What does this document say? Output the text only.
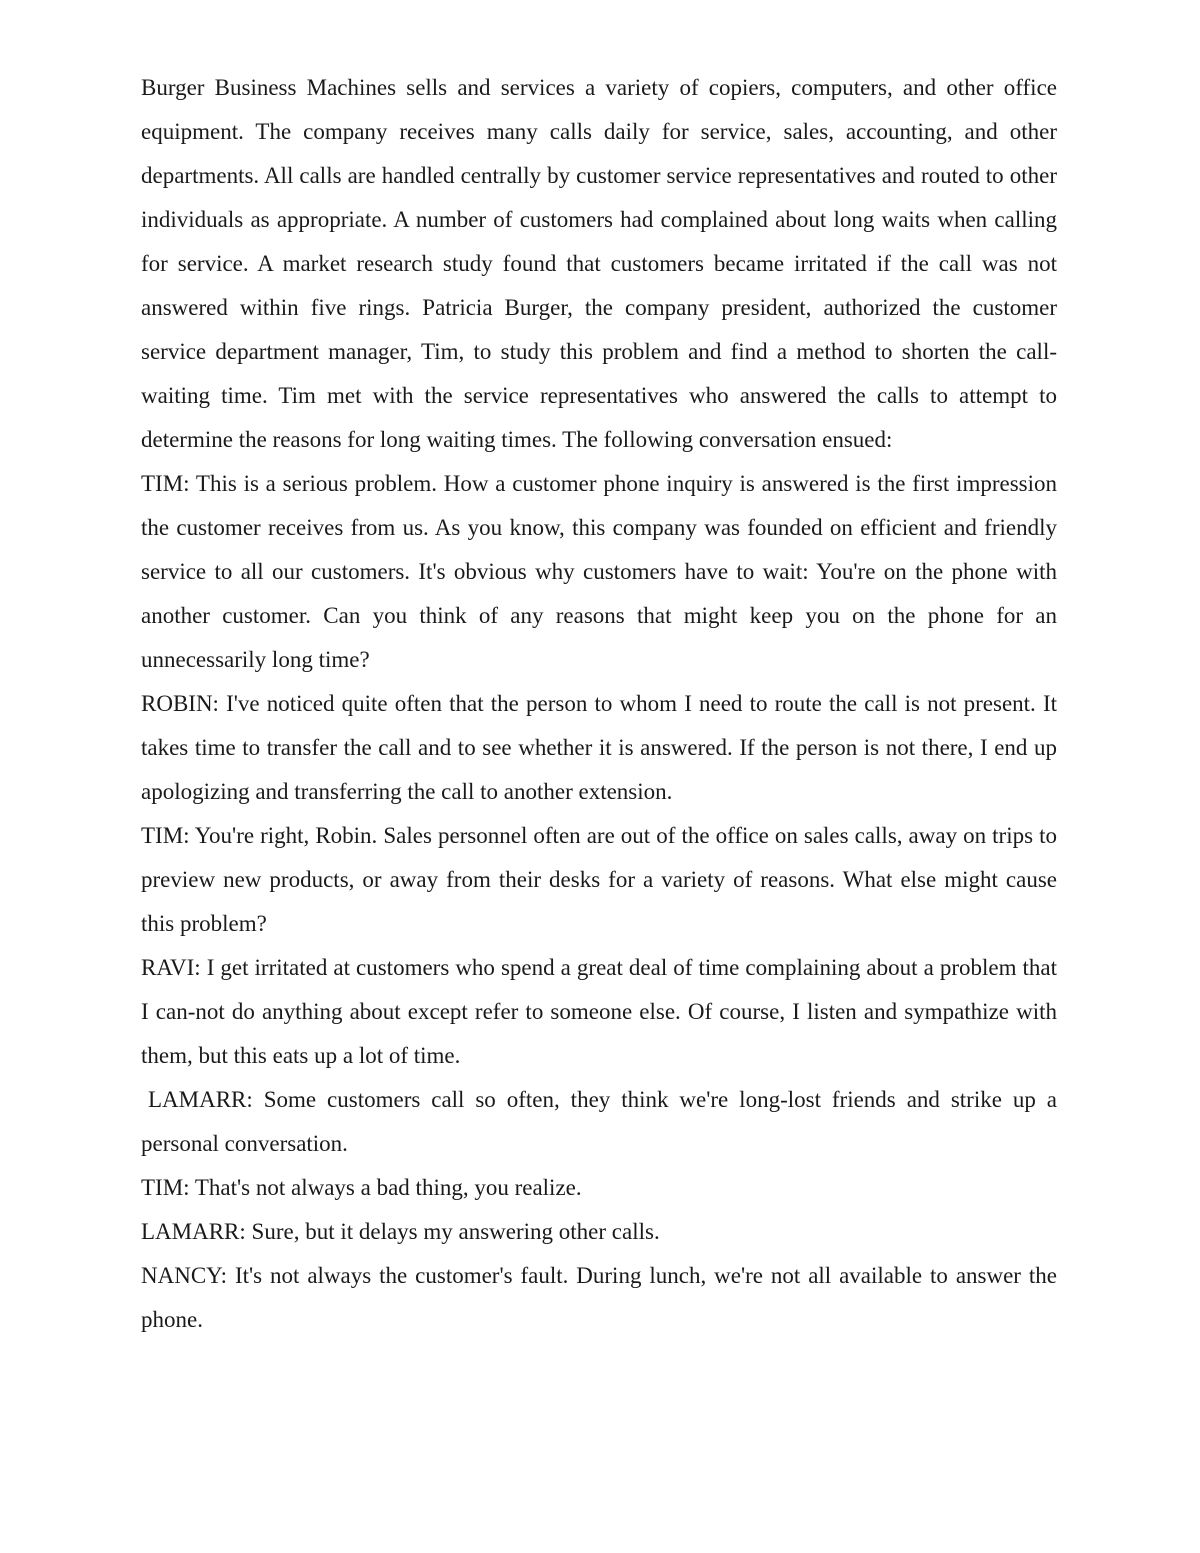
Burger Business Machines sells and services a variety of copiers, computers, and other office equipment. The company receives many calls daily for service, sales, accounting, and other departments. All calls are handled centrally by customer service representatives and routed to other individuals as appropriate. A number of customers had complained about long waits when calling for service. A market research study found that customers became irritated if the call was not answered within five rings. Patricia Burger, the company president, authorized the customer service department manager, Tim, to study this problem and find a method to shorten the call-waiting time. Tim met with the service representatives who answered the calls to attempt to determine the reasons for long waiting times. The following conversation ensued:

TIM: This is a serious problem. How a customer phone inquiry is answered is the first impression the customer receives from us. As you know, this company was founded on efficient and friendly service to all our customers. It's obvious why customers have to wait: You're on the phone with another customer. Can you think of any reasons that might keep you on the phone for an unnecessarily long time?

ROBIN: I've noticed quite often that the person to whom I need to route the call is not present. It takes time to transfer the call and to see whether it is answered. If the person is not there, I end up apologizing and transferring the call to another extension.

TIM: You're right, Robin. Sales personnel often are out of the office on sales calls, away on trips to preview new products, or away from their desks for a variety of reasons. What else might cause this problem?

RAVI: I get irritated at customers who spend a great deal of time complaining about a problem that I can-not do anything about except refer to someone else. Of course, I listen and sympathize with them, but this eats up a lot of time.

LAMARR: Some customers call so often, they think we're long-lost friends and strike up a personal conversation.

TIM: That's not always a bad thing, you realize.

LAMARR: Sure, but it delays my answering other calls.

NANCY: It's not always the customer's fault. During lunch, we're not all available to answer the phone.
